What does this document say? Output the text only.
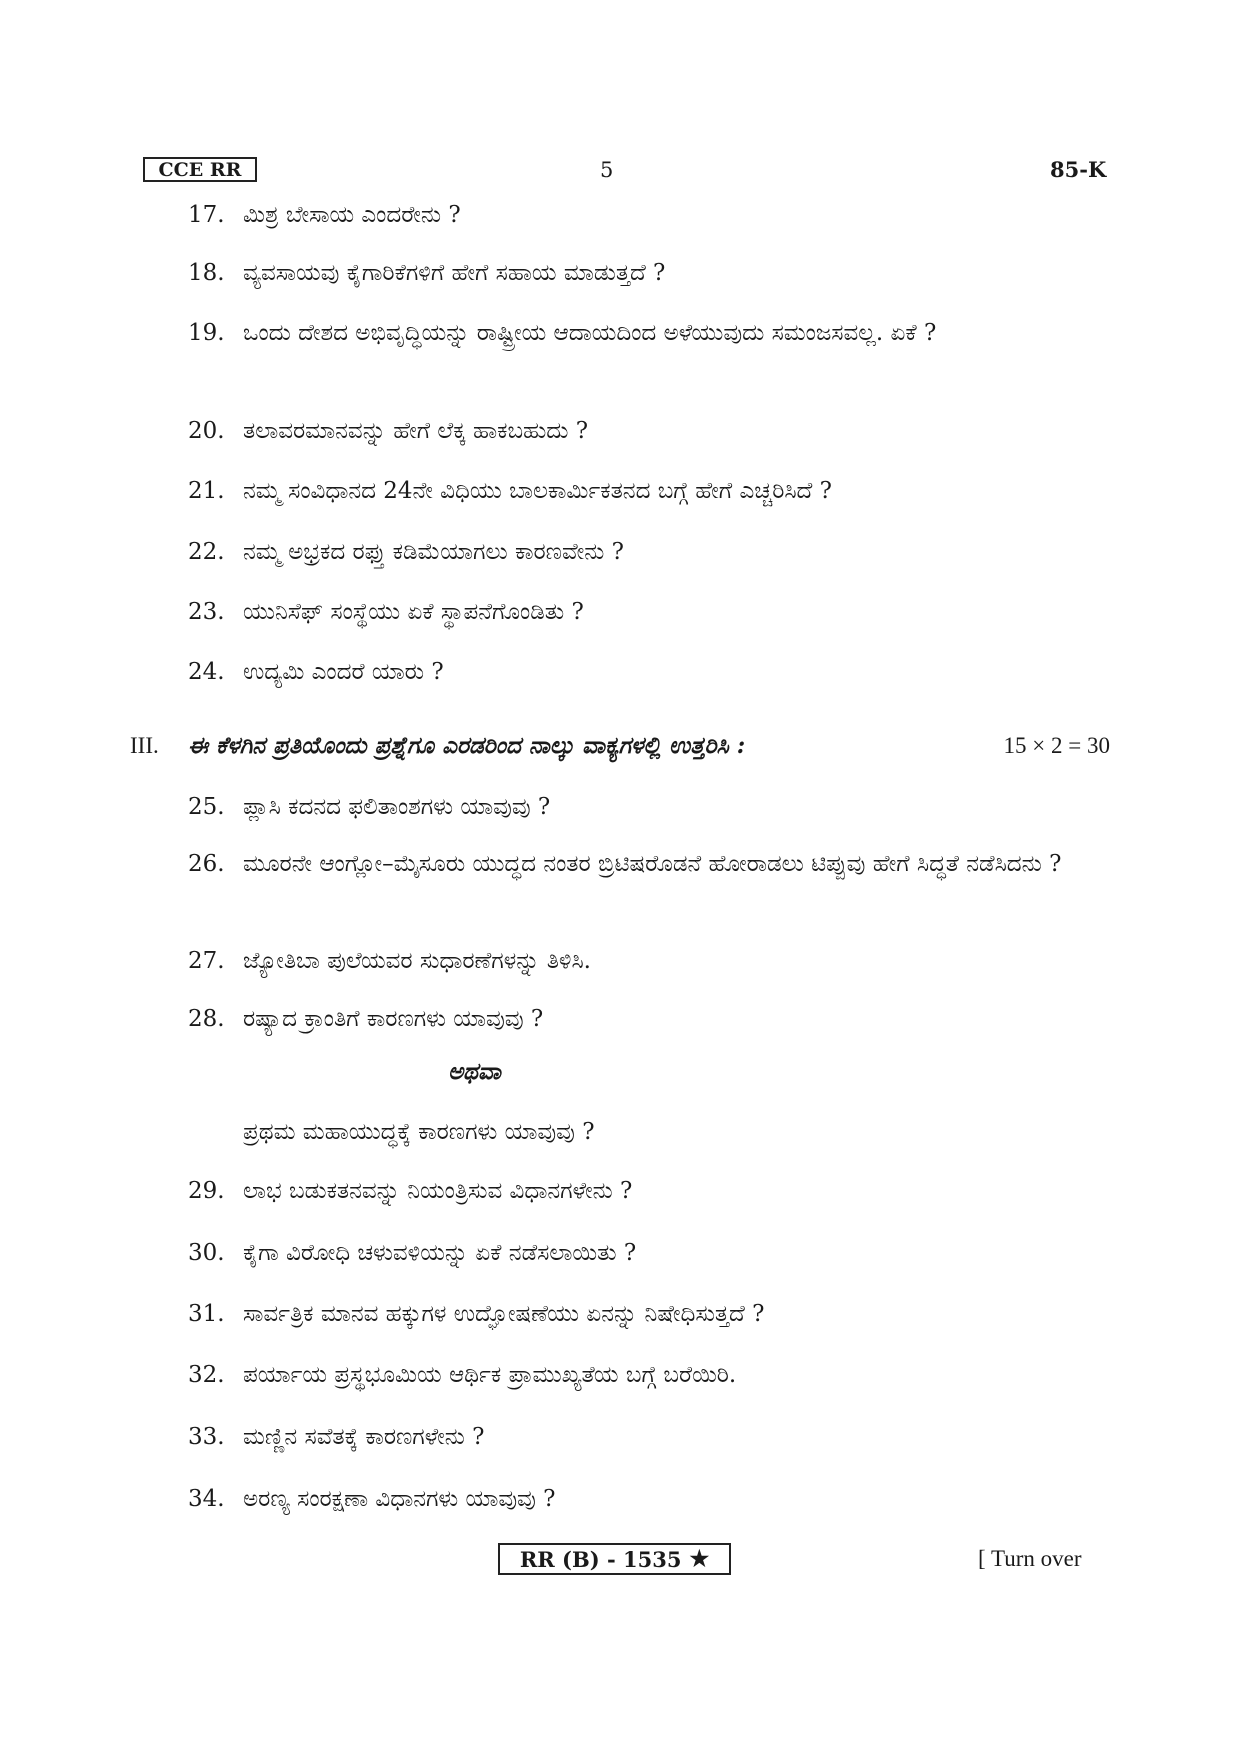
CCE RR	5	85-K
17. ಮಿಶ್ರ ಬೇಸಾಯ ಎಂದರೇನು ?
18. ವ್ಯವಸಾಯವು ಕೈಗಾರಿಕೆಗಳಿಗೆ ಹೇಗೆ ಸಹಾಯ ಮಾಡುತ್ತದೆ ?
19. ಒಂದು ದೇಶದ ಅಭಿವೃದ್ಧಿಯನ್ನು ರಾಷ್ಟ್ರೀಯ ಆದಾಯದಿಂದ ಅಳೆಯುವುದು ಸಮಂಜಸವಲ್ಲ. ಏಕೆ ?
20. ತಲಾವರಮಾನವನ್ನು ಹೇಗೆ ಲೆಕ್ಕ ಹಾಕಬಹುದು ?
21. ನಮ್ಮ ಸಂವಿಧಾನದ 24ನೇ ವಿಧಿಯು ಬಾಲಕಾರ್ಮಿಕತನದ ಬಗ್ಗೆ ಹೇಗೆ ಎಚ್ಚರಿಸಿದೆ ?
22. ನಮ್ಮ ಅಭ್ರಕದ ರಫ್ತು ಕಡಿಮೆಯಾಗಲು ಕಾರಣವೇನು ?
23. ಯುನಿಸೆಫ್ ಸಂಸ್ಥೆಯು ಏಕೆ ಸ್ಥಾಪನೆಗೊಂಡಿತು ?
24. ಉದ್ಯಮಿ ಎಂದರೆ ಯಾರು ?
III. ಈ ಕೆಳಗಿನ ಪ್ರತಿಯೊಂದು ಪ್ರಶ್ನೆಗೂ ಎರಡರಿಂದ ನಾಲ್ಕು ವಾಕ್ಯಗಳಲ್ಲಿ ಉತ್ತರಿಸಿ :	15 × 2 = 30
25. ಪ್ಲಾಸಿ ಕದನದ ಫಲಿತಾಂಶಗಳು ಯಾವುವು ?
26. ಮೂರನೇ ಆಂಗ್ಲೋ–ಮೈಸೂರು ಯುದ್ಧದ ನಂತರ ಬ್ರಿಟಿಷರೊಡನೆ ಹೋರಾಡಲು ಟಿಪ್ಪುವು ಹೇಗೆ ಸಿದ್ಧತೆ ನಡೆಸಿದನು ?
27. ಜ್ಯೋತಿಬಾ ಪುಲೆಯವರ ಸುಧಾರಣೆಗಳನ್ನು ತಿಳಿಸಿ.
28. ರಷ್ಯಾದ ಕ್ರಾಂತಿಗೆ ಕಾರಣಗಳು ಯಾವುವು ?
ಅಥವಾ
ಪ್ರಥಮ ಮಹಾಯುದ್ಧಕ್ಕೆ ಕಾರಣಗಳು ಯಾವುವು ?
29. ಲಾಭ ಬಡುಕತನವನ್ನು ನಿಯಂತ್ರಿಸುವ ವಿಧಾನಗಳೇನು ?
30. ಕೈಗಾ ವಿರೋಧಿ ಚಳುವಳಿಯನ್ನು ಏಕೆ ನಡೆಸಲಾಯಿತು ?
31. ಸಾರ್ವತ್ರಿಕ ಮಾನವ ಹಕ್ಕುಗಳ ಉದ್ಘೋಷಣೆಯು ಏನನ್ನು ನಿಷೇಧಿಸುತ್ತದೆ ?
32. ಪರ್ಯಾಯ ಪ್ರಸ್ಥಭೂಮಿಯ ಆರ್ಥಿಕ ಪ್ರಾಮುಖ್ಯತೆಯ ಬಗ್ಗೆ ಬರೆಯಿರಿ.
33. ಮಣ್ಣಿನ ಸವೆತಕ್ಕೆ ಕಾರಣಗಳೇನು ?
34. ಅರಣ್ಯ ಸಂರಕ್ಷಣಾ ವಿಧಾನಗಳು ಯಾವುವು ?
RR (B) - 1535 ★	[ Turn over
